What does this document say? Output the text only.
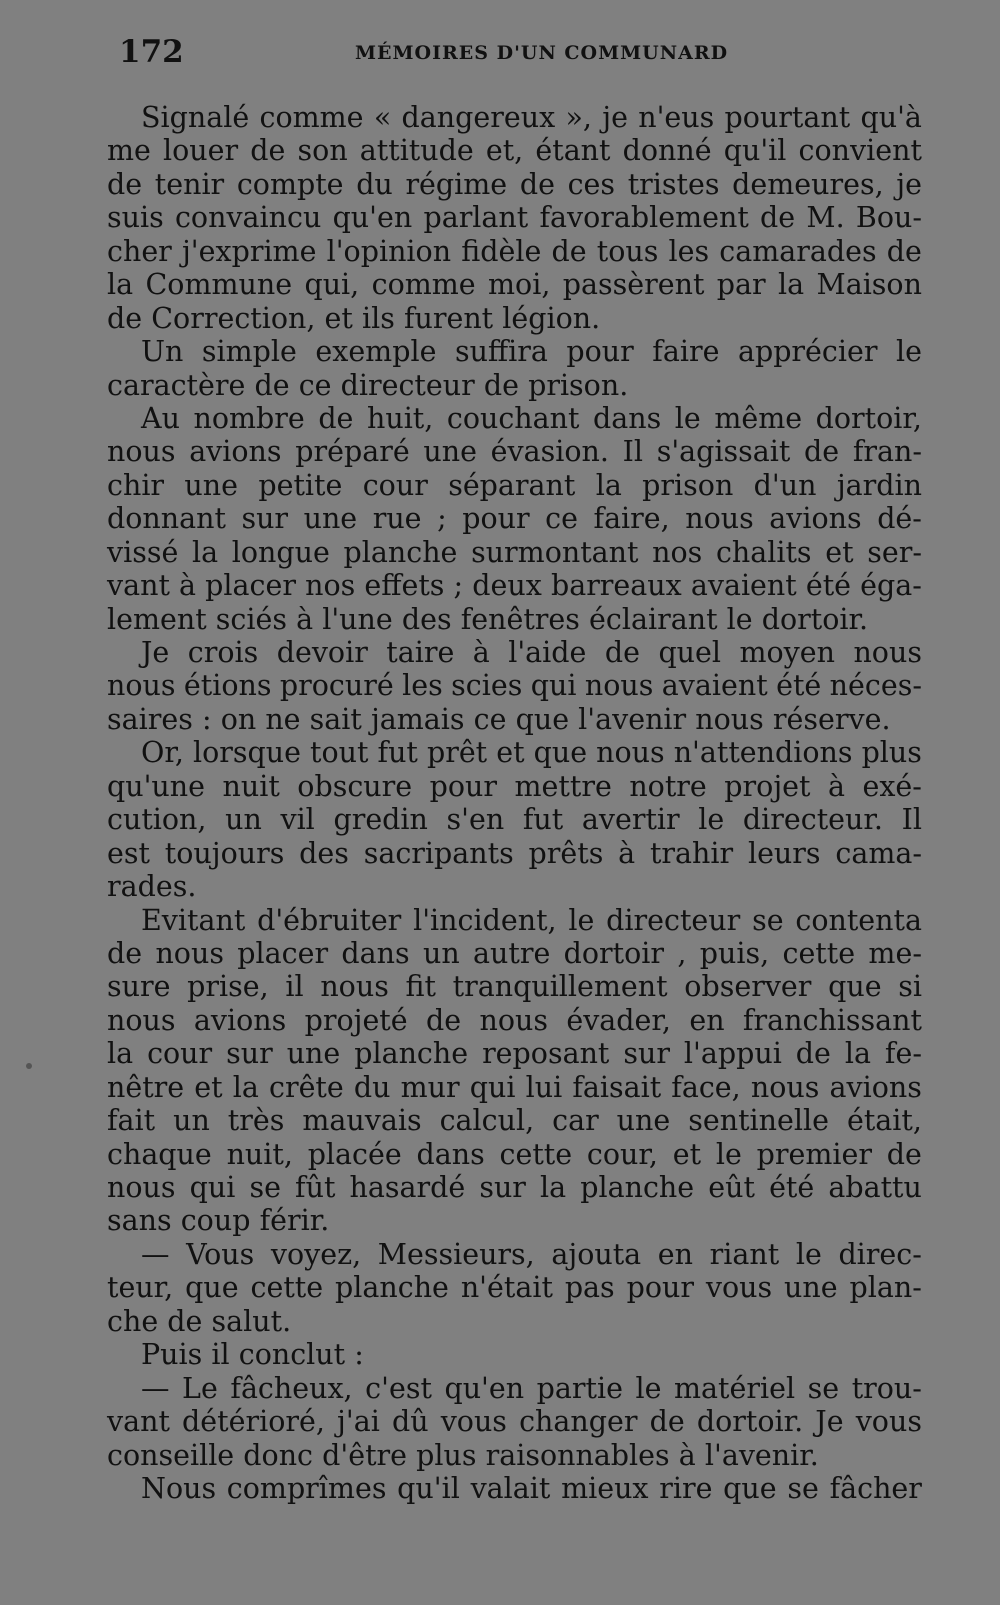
172	MÉMOIRES D'UN COMMUNARD
Signalé comme « dangereux », je n'eus pourtant qu'à
me louer de son attitude et, étant donné qu'il convient
de tenir compte du régime de ces tristes demeures, je
suis convaincu qu'en parlant favorablement de M. Bou-
cher j'exprime l'opinion fidèle de tous les camarades de
la Commune qui, comme moi, passèrent par la Maison
de Correction, et ils furent légion.
Un simple exemple suffira pour faire apprécier le
caractère de ce directeur de prison.
Au nombre de huit, couchant dans le même dortoir,
nous avions préparé une évasion. Il s'agissait de fran-
chir une petite cour séparant la prison d'un jardin
donnant sur une rue ; pour ce faire, nous avions dé-
vissé la longue planche surmontant nos chalits et ser-
vant à placer nos effets ; deux barreaux avaient été éga-
lement sciés à l'une des fenêtres éclairant le dortoir.
Je crois devoir taire à l'aide de quel moyen nous
nous étions procuré les scies qui nous avaient été néces-
saires : on ne sait jamais ce que l'avenir nous réserve.
Or, lorsque tout fut prêt et que nous n'attendions plus
qu'une nuit obscure pour mettre notre projet à exé-
cution, un vil gredin s'en fut avertir le directeur. Il
est toujours des sacripants prêts à trahir leurs cama-
rades.
Evitant d'ébruiter l'incident, le directeur se contenta
de nous placer dans un autre dortoir , puis, cette me-
sure prise, il nous fit tranquillement observer que si
nous avions projeté de nous évader, en franchissant
la cour sur une planche reposant sur l'appui de la fe-
nêtre et la crête du mur qui lui faisait face, nous avions
fait un très mauvais calcul, car une sentinelle était,
chaque nuit, placée dans cette cour, et le premier de
nous qui se fût hasardé sur la planche eût été abattu
sans coup férir.
— Vous voyez, Messieurs, ajouta en riant le direc-
teur, que cette planche n'était pas pour vous une plan-
che de salut.
Puis il conclut :
— Le fâcheux, c'est qu'en partie le matériel se trou-
vant détérioré, j'ai dû vous changer de dortoir. Je vous
conseille donc d'être plus raisonnables à l'avenir.
Nous comprîmes qu'il valait mieux rire que se fâcher
